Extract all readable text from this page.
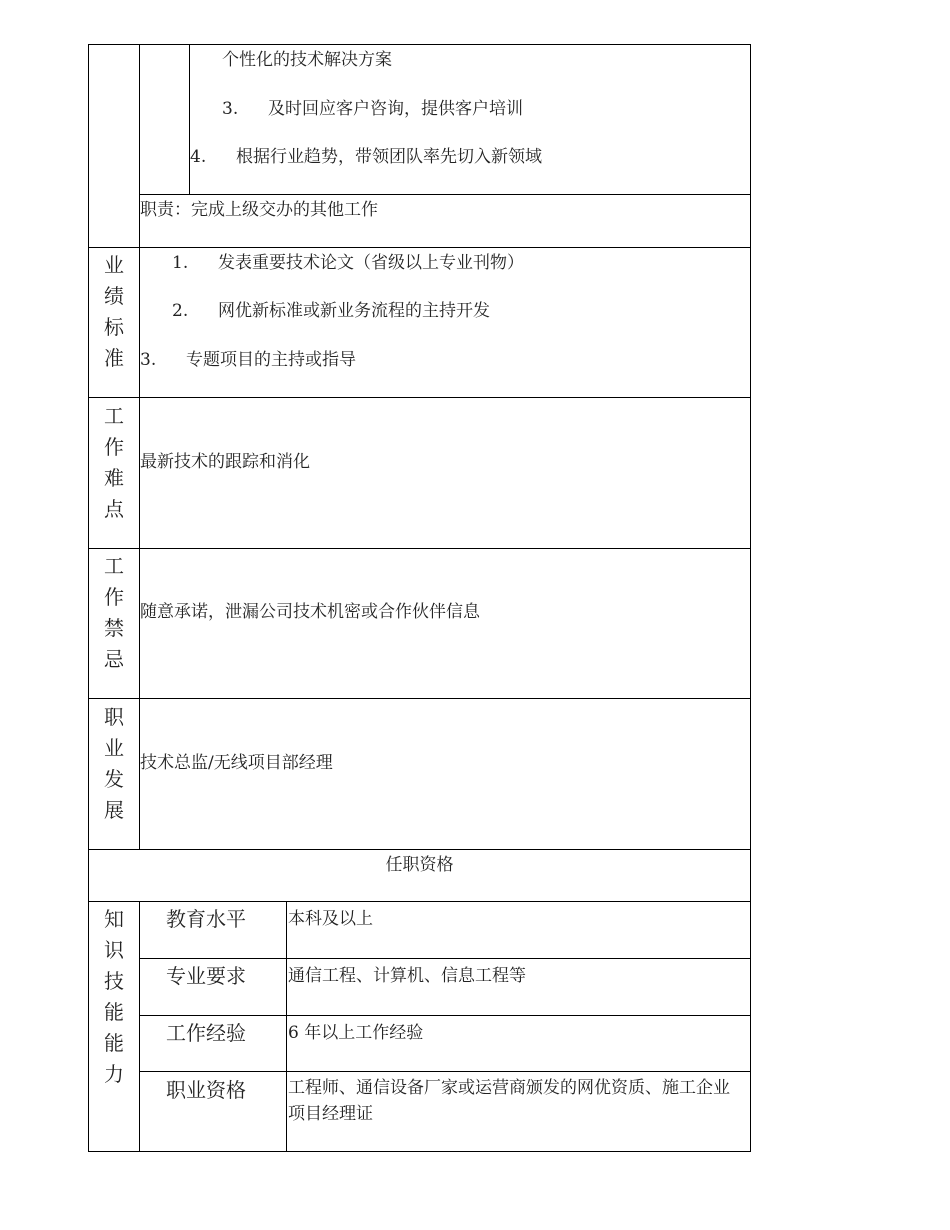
个性化的技术解决方案
3. 及时回应客户咨询，提供客户培训
4. 根据行业趋势，带领团队率先切入新领域
职责：完成上级交办的其他工作
业
绩
标
准
1. 发表重要技术论文（省级以上专业刊物）
2. 网优新标准或新业务流程的主持开发
3. 专题项目的主持或指导
工
作
难
点
最新技术的跟踪和消化
工
作
禁
忌
随意承诺，泄漏公司技术机密或合作伙伴信息
职
业
发
展
技术总监/无线项目部经理
任职资格
知
识
技
能
能
力
教育水平 本科及以上
专业要求 通信工程、计算机、信息工程等
工作经验 6 年以上工作经验
职业资格 工程师、通信设备厂家或运营商颁发的网优资质、施工企业项目经理证
